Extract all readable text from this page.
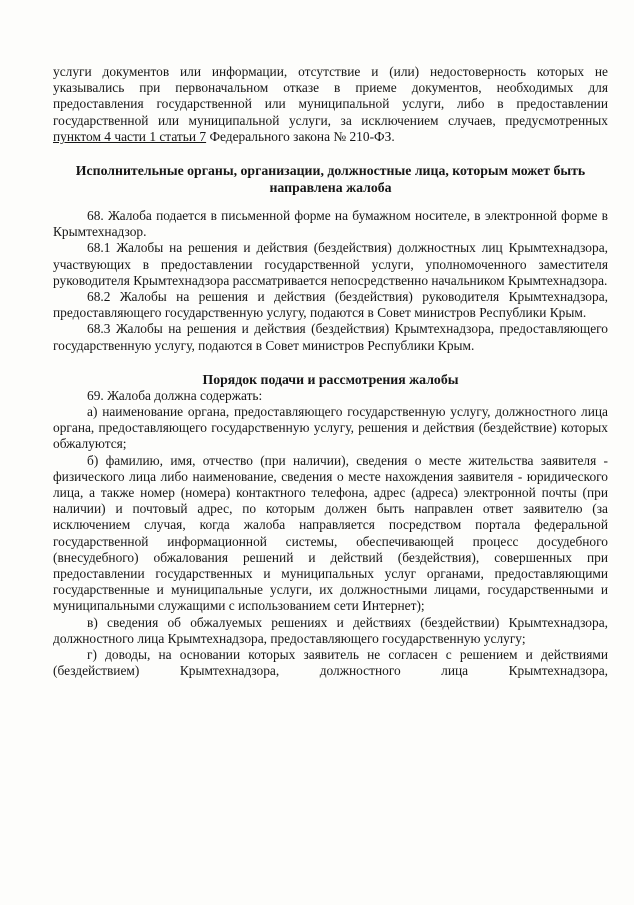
услуги документов или информации, отсутствие и (или) недостоверность которых не указывались при первоначальном отказе в приеме документов, необходимых для предоставления государственной или муниципальной услуги, либо в предоставлении государственной или муниципальной услуги, за исключением случаев, предусмотренных пунктом 4 части 1 статьи 7 Федерального закона № 210-ФЗ.
Исполнительные органы, организации, должностные лица, которым может быть направлена жалоба
68. Жалоба подается в письменной форме на бумажном носителе, в электронной форме в Крымтехнадзор.
68.1 Жалобы на решения и действия (бездействия) должностных лиц Крымтехнадзора, участвующих в предоставлении государственной услуги, уполномоченного заместителя руководителя Крымтехнадзора рассматривается непосредственно начальником Крымтехнадзора.
68.2 Жалобы на решения и действия (бездействия) руководителя Крымтехнадзора, предоставляющего государственную услугу, подаются в Совет министров Республики Крым.
68.3 Жалобы на решения и действия (бездействия) Крымтехнадзора, предоставляющего государственную услугу, подаются в Совет министров Республики Крым.
Порядок подачи и рассмотрения жалобы
69. Жалоба должна содержать:
а) наименование органа, предоставляющего государственную услугу, должностного лица органа, предоставляющего государственную услугу, решения и действия (бездействие) которых обжалуются;
б) фамилию, имя, отчество (при наличии), сведения о месте жительства заявителя - физического лица либо наименование, сведения о месте нахождения заявителя - юридического лица, а также номер (номера) контактного телефона, адрес (адреса) электронной почты (при наличии) и почтовый адрес, по которым должен быть направлен ответ заявителю (за исключением случая, когда жалоба направляется посредством портала федеральной государственной информационной системы, обеспечивающей процесс досудебного (внесудебного) обжалования решений и действий (бездействия), совершенных при предоставлении государственных и муниципальных услуг органами, предоставляющими государственные и муниципальные услуги, их должностными лицами, государственными и муниципальными служащими с использованием сети Интернет);
в) сведения об обжалуемых решениях и действиях (бездействии) Крымтехнадзора, должностного лица Крымтехнадзора, предоставляющего государственную услугу;
г) доводы, на основании которых заявитель не согласен с решением и действиями (бездействием) Крымтехнадзора, должностного лица Крымтехнадзора,
